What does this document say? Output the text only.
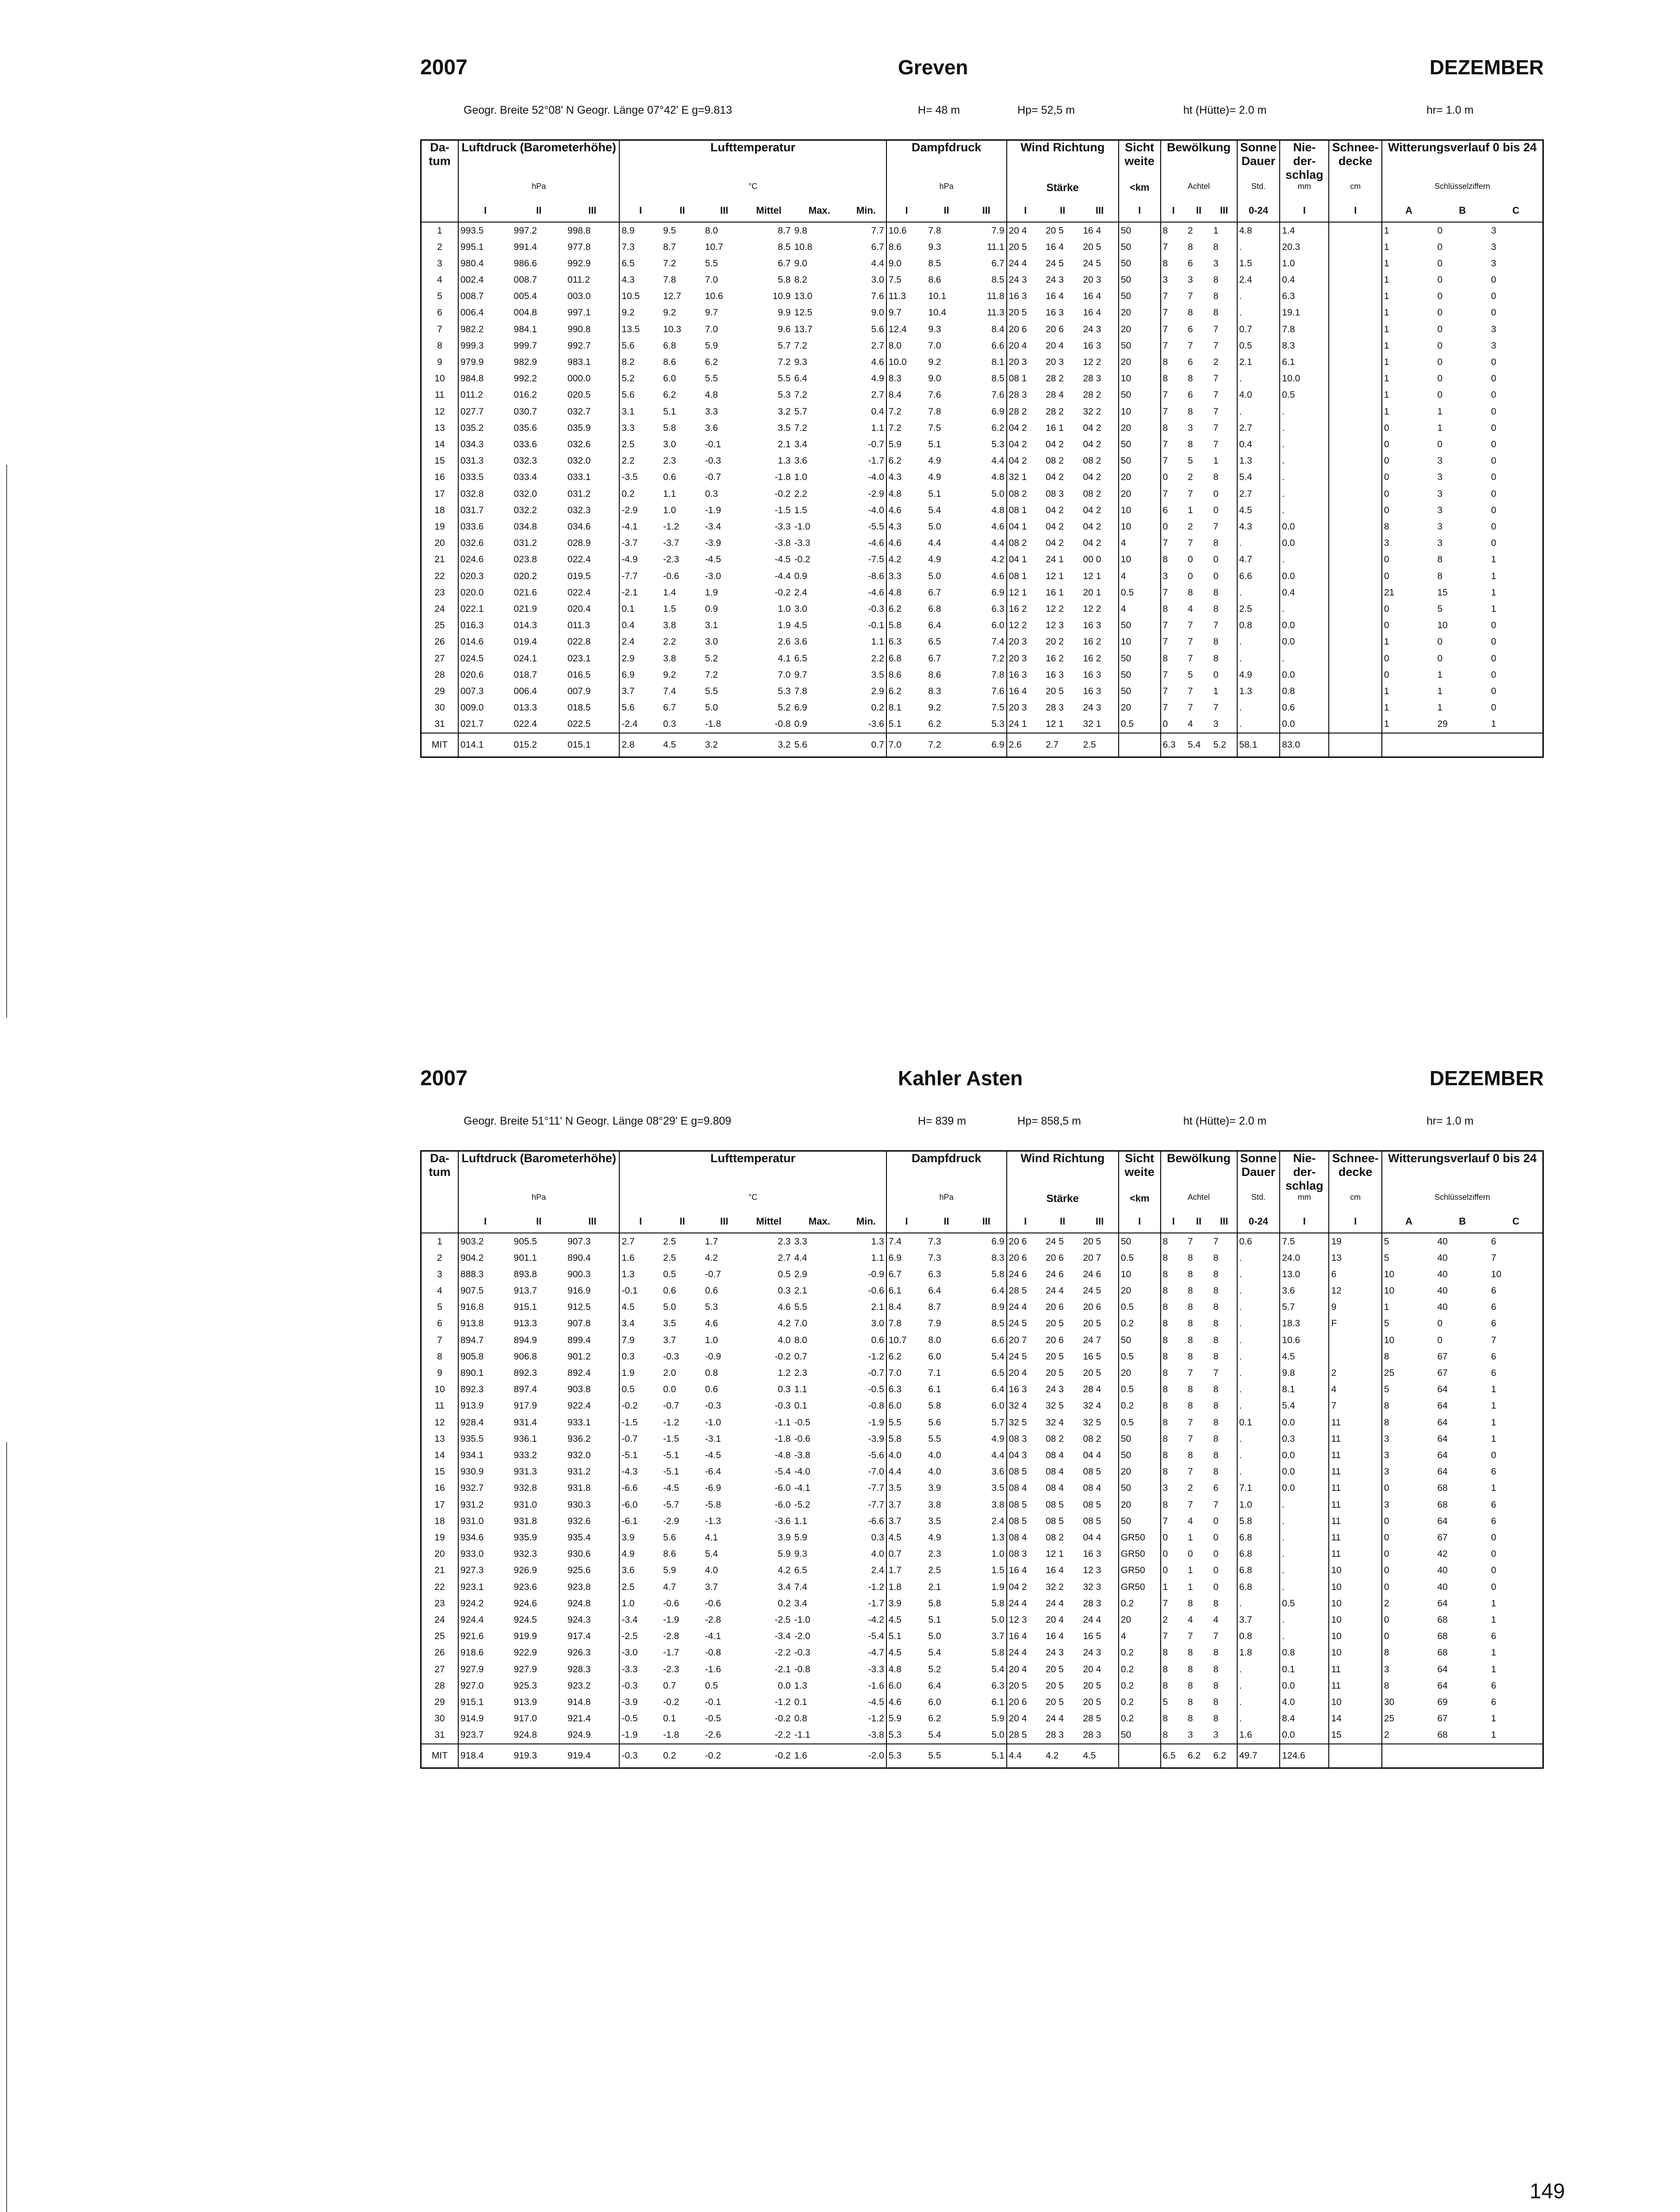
2007	Greven	DEZEMBER
Geogr. Breite 52°08' N Geogr. Länge 07°42' E g=9.813	H= 48 m	Hp= 52,5 m	ht (Hütte)= 2.0 m	hr= 1.0 m
Da- tum	Luftdruck (Barometerhöhe)			Lufttemperatur						Dampfdruck			Wind Richtung			Sicht weite	Bewölkung			Sonne Dauer	Nie- der- schlag	Schnee- decke	Witterungsverlauf 0 bis 24		
	hPa			°C						hPa			Stärke			<km	Achtel			Std.	mm	cm	Schlüsselziffern		
	I	II	III	I	II	III	Mittel	Max.	Min.	I	II	III	I	II	III	I	I	II	III	0-24	I	I	A	B	C
1	993.5	997.2	998.8	8.9	9.5	8.0	8.7	9.8	7.7	10.6	7.8	7.9	20 4	20 5	16 4	50	8	2	1	4.8	1.4		1	0	3
2	995.1	991.4	977.8	7.3	8.7	10.7	8.5	10.8	6.7	8.6	9.3	11.1	20 5	16 4	20 5	50	7	8	8	.	20.3		1	0	3
3	980.4	986.6	992.9	6.5	7.2	5.5	6.7	9.0	4.4	9.0	8.5	6.7	24 4	24 5	24 5	50	8	6	3	1.5	1.0		1	0	3
4	002.4	008.7	011.2	4.3	7.8	7.0	5.8	8.2	3.0	7.5	8.6	8.5	24 3	24 3	20 3	50	3	3	8	2.4	0.4		1	0	0
5	008.7	005.4	003.0	10.5	12.7	10.6	10.9	13.0	7.6	11.3	10.1	11.8	16 3	16 4	16 4	50	7	7	8	.	6.3		1	0	0
6	006.4	004.8	997.1	9.2	9.2	9.7	9.9	12.5	9.0	9.7	10.4	11.3	20 5	16 3	16 4	20	7	8	8	.	19.1		1	0	0
7	982.2	984.1	990.8	13.5	10.3	7.0	9.6	13.7	5.6	12.4	9.3	8.4	20 6	20 6	24 3	20	7	6	7	0.7	7.8		1	0	3
8	999.3	999.7	992.7	5.6	6.8	5.9	5.7	7.2	2.7	8.0	7.0	6.6	20 4	20 4	16 3	50	7	7	7	0.5	8.3		1	0	3
9	979.9	982.9	983.1	8.2	8.6	6.2	7.2	9.3	4.6	10.0	9.2	8.1	20 3	20 3	12 2	20	8	6	2	2.1	6.1		1	0	0
10	984.8	992.2	000.0	5.2	6.0	5.5	5.5	6.4	4.9	8.3	9.0	8.5	08 1	28 2	28 3	10	8	8	7	.	10.0		1	0	0
11	011.2	016.2	020.5	5.6	6.2	4.8	5.3	7.2	2.7	8.4	7.6	7.6	28 3	28 4	28 2	50	7	6	7	4.0	0.5		1	0	0
12	027.7	030.7	032.7	3.1	5.1	3.3	3.2	5.7	0.4	7.2	7.8	6.9	28 2	28 2	32 2	10	7	8	7	.	.		1	1	0
13	035.2	035.6	035.9	3.3	5.8	3.6	3.5	7.2	1.1	7.2	7.5	6.2	04 2	16 1	04 2	20	8	3	7	2.7	.		0	1	0
14	034.3	033.6	032.6	2.5	3.0	-0.1	2.1	3.4	-0.7	5.9	5.1	5.3	04 2	04 2	04 2	50	7	8	7	0.4	.		0	0	0
15	031.3	032.3	032.0	2.2	2.3	-0.3	1.3	3.6	-1.7	6.2	4.9	4.4	04 2	08 2	08 2	50	7	5	1	1.3	.		0	3	0
16	033.5	033.4	033.1	-3.5	0.6	-0.7	-1.8	1.0	-4.0	4.3	4.9	4.8	32 1	04 2	04 2	20	0	2	8	5.4	.		0	3	0
17	032.8	032.0	031.2	0.2	1.1	0.3	-0.2	2.2	-2.9	4.8	5.1	5.0	08 2	08 3	08 2	20	7	7	0	2.7	.		0	3	0
18	031.7	032.2	032.3	-2.9	1.0	-1.9	-1.5	1.5	-4.0	4.6	5.4	4.8	08 1	04 2	04 2	10	6	1	0	4.5	.		0	3	0
19	033.6	034.8	034.6	-4.1	-1.2	-3.4	-3.3	-1.0	-5.5	4.3	5.0	4.6	04 1	04 2	04 2	10	0	2	7	4.3	0.0		8	3	0
20	032.6	031.2	028.9	-3.7	-3.7	-3.9	-3.8	-3.3	-4.6	4.6	4.4	4.4	08 2	04 2	04 2	4	7	7	8	.	0.0		3	3	0
21	024.6	023.8	022.4	-4.9	-2.3	-4.5	-4.5	-0.2	-7.5	4.2	4.9	4.2	04 1	24 1	00 0	10	8	0	0	4.7	.		0	8	1
22	020.3	020.2	019.5	-7.7	-0.6	-3.0	-4.4	0.9	-8.6	3.3	5.0	4.6	08 1	12 1	12 1	4	3	0	0	6.6	0.0		0	8	1
23	020.0	021.6	022.4	-2.1	1.4	1.9	-0.2	2.4	-4.6	4.8	6.7	6.9	12 1	16 1	20 1	0.5	7	8	8	.	0.4		21	15	1
24	022.1	021.9	020.4	0.1	1.5	0.9	1.0	3.0	-0.3	6.2	6.8	6.3	16 2	12 2	12 2	4	8	4	8	2.5	.		0	5	1
25	016.3	014.3	011.3	0.4	3.8	3.1	1.9	4.5	-0.1	5.8	6.4	6.0	12 2	12 3	16 3	50	7	7	7	0.8	0.0		0	10	0
26	014.6	019.4	022.8	2.4	2.2	3.0	2.6	3.6	1.1	6.3	6.5	7.4	20 3	20 2	16 2	10	7	7	8	.	0.0		1	0	0
27	024.5	024.1	023.1	2.9	3.8	5.2	4.1	6.5	2.2	6.8	6.7	7.2	20 3	16 2	16 2	50	8	7	8	.	.		0	0	0
28	020.6	018.7	016.5	6.9	9.2	7.2	7.0	9.7	3.5	8.6	8.6	7.8	16 3	16 3	16 3	50	7	5	0	4.9	0.0		0	1	0
29	007.3	006.4	007.9	3.7	7.4	5.5	5.3	7.8	2.9	6.2	8.3	7.6	16 4	20 5	16 3	50	7	7	1	1.3	0.8		1	1	0
30	009.0	013.3	018.5	5.6	6.7	5.0	5.2	6.9	0.2	8.1	9.2	7.5	20 3	28 3	24 3	20	7	7	7	.	0.6		1	1	0
31	021.7	022.4	022.5	-2.4	0.3	-1.8	-0.8	0.9	-3.6	5.1	6.2	5.3	24 1	12 1	32 1	0.5	0	4	3	.	0.0		1	29	1
MIT	014.1	015.2	015.1	2.8	4.5	3.2	3.2	5.6	0.7	7.0	7.2	6.9	2.6	2.7	2.5		6.3	5.4	5.2	58.1	83.0				
2007	Kahler Asten	DEZEMBER
Geogr. Breite 51°11' N Geogr. Länge 08°29' E g=9.809	H= 839 m	Hp= 858,5 m	ht (Hütte)= 2.0 m	hr= 1.0 m
Da- tum	Luftdruck (Barometerhöhe)			Lufttemperatur						Dampfdruck			Wind Richtung			Sicht weite	Bewölkung			Sonne Dauer	Nie- der- schlag	Schnee- decke	Witterungsverlauf 0 bis 24		
	hPa			°C						hPa			Stärke			<km	Achtel			Std.	mm	cm	Schlüsselziffern		
	I	II	III	I	II	III	Mittel	Max.	Min.	I	II	III	I	II	III	I	I	II	III	0-24	I	I	A	B	C
1	903.2	905.5	907.3	2.7	2.5	1.7	2.3	3.3	1.3	7.4	7.3	6.9	20 6	24 5	20 5	50	8	7	7	0.6	7.5	19	5	40	6
2	904.2	901.1	890.4	1.6	2.5	4.2	2.7	4.4	1.1	6.9	7.3	8.3	20 6	20 6	20 7	0.5	8	8	8	.	24.0	13	5	40	7
3	888.3	893.8	900.3	1.3	0.5	-0.7	0.5	2.9	-0.9	6.7	6.3	5.8	24 6	24 6	24 6	10	8	8	8	.	13.0	6	10	40	10
4	907.5	913.7	916.9	-0.1	0.6	0.6	0.3	2.1	-0.6	6.1	6.4	6.4	28 5	24 4	24 5	20	8	8	8	.	3.6	12	10	40	6
5	916.8	915.1	912.5	4.5	5.0	5.3	4.6	5.5	2.1	8.4	8.7	8.9	24 4	20 6	20 6	0.5	8	8	8	.	5.7	9	1	40	6
6	913.8	913.3	907.8	3.4	3.5	4.6	4.2	7.0	3.0	7.8	7.9	8.5	24 5	20 5	20 5	0.2	8	8	8	.	18.3	F	5	0	6
7	894.7	894.9	899.4	7.9	3.7	1.0	4.0	8.0	0.6	10.7	8.0	6.6	20 7	20 6	24 7	50	8	8	8	.	10.6		10	0	7
8	905.8	906.8	901.2	0.3	-0.3	-0.9	-0.2	0.7	-1.2	6.2	6.0	5.4	24 5	20 5	16 5	0.5	8	8	8	.	4.5		8	67	6
9	890.1	892.3	892.4	1.9	2.0	0.8	1.2	2.3	-0.7	7.0	7.1	6.5	20 4	20 5	20 5	20	8	7	7	.	9.8	2	25	67	6
10	892.3	897.4	903.8	0.5	0.0	0.6	0.3	1.1	-0.5	6.3	6.1	6.4	16 3	24 3	28 4	0.5	8	8	8	.	8.1	4	5	64	1
11	913.9	917.9	922.4	-0.2	-0.7	-0.3	-0.3	0.1	-0.8	6.0	5.8	6.0	32 4	32 5	32 4	0.2	8	8	8	.	5.4	7	8	64	1
12	928.4	931.4	933.1	-1.5	-1.2	-1.0	-1.1	-0.5	-1.9	5.5	5.6	5.7	32 5	32 4	32 5	0.5	8	7	8	0.1	0.0	11	8	64	1
13	935.5	936.1	936.2	-0.7	-1.5	-3.1	-1.8	-0.6	-3.9	5.8	5.5	4.9	08 3	08 2	08 2	50	8	7	8	.	0.3	11	3	64	1
14	934.1	933.2	932.0	-5.1	-5.1	-4.5	-4.8	-3.8	-5.6	4.0	4.0	4.4	04 3	08 4	04 4	50	8	8	8	.	0.0	11	3	64	0
15	930.9	931.3	931.2	-4.3	-5.1	-6.4	-5.4	-4.0	-7.0	4.4	4.0	3.6	08 5	08 4	08 5	20	8	7	8	.	0.0	11	3	64	6
16	932.7	932.8	931.8	-6.6	-4.5	-6.9	-6.0	-4.1	-7.7	3.5	3.9	3.5	08 4	08 4	08 4	50	3	2	6	7.1	0.0	11	0	68	1
17	931.2	931.0	930.3	-6.0	-5.7	-5.8	-6.0	-5.2	-7.7	3.7	3.8	3.8	08 5	08 5	08 5	20	8	7	7	1.0	.	11	3	68	6
18	931.0	931.8	932.6	-6.1	-2.9	-1.3	-3.6	1.1	-6.6	3.7	3.5	2.4	08 5	08 5	08 5	50	7	4	0	5.8	.	11	0	64	6
19	934.6	935.9	935.4	3.9	5.6	4.1	3.9	5.9	0.3	4.5	4.9	1.3	08 4	08 2	04 4	GR50	0	1	0	6.8	.	11	0	67	0
20	933.0	932.3	930.6	4.9	8.6	5.4	5.9	9.3	4.0	0.7	2.3	1.0	08 3	12 1	16 3	GR50	0	0	0	6.8	.	11	0	42	0
21	927.3	926.9	925.6	3.6	5.9	4.0	4.2	6.5	2.4	1.7	2.5	1.5	16 4	16 4	12 3	GR50	0	1	0	6.8	.	10	0	40	0
22	923.1	923.6	923.8	2.5	4.7	3.7	3.4	7.4	-1.2	1.8	2.1	1.9	04 2	32 2	32 3	GR50	1	1	0	6.8	.	10	0	40	0
23	924.2	924.6	924.8	1.0	-0.6	-0.6	0.2	3.4	-1.7	3.9	5.8	5.8	24 4	24 4	28 3	0.2	7	8	8	.	0.5	10	2	64	1
24	924.4	924.5	924.3	-3.4	-1.9	-2.8	-2.5	-1.0	-4.2	4.5	5.1	5.0	12 3	20 4	24 4	20	2	4	4	3.7	.	10	0	68	1
25	921.6	919.9	917.4	-2.5	-2.8	-4.1	-3.4	-2.0	-5.4	5.1	5.0	3.7	16 4	16 4	16 5	4	7	7	7	0.8	.	10	0	68	6
26	918.6	922.9	926.3	-3.0	-1.7	-0.8	-2.2	-0.3	-4.7	4.5	5.4	5.8	24 4	24 3	24 3	0.2	8	8	8	1.8	0.8	10	8	68	1
27	927.9	927.9	928.3	-3.3	-2.3	-1.6	-2.1	-0.8	-3.3	4.8	5.2	5.4	20 4	20 5	20 4	0.2	8	8	8	.	0.1	11	3	64	1
28	927.0	925.3	923.2	-0.3	0.7	0.5	0.0	1.3	-1.6	6.0	6.4	6.3	20 5	20 5	20 5	0.2	8	8	8	.	0.0	11	8	64	6
29	915.1	913.9	914.8	-3.9	-0.2	-0.1	-1.2	0.1	-4.5	4.6	6.0	6.1	20 6	20 5	20 5	0.2	5	8	8	.	4.0	10	30	69	6
30	914.9	917.0	921.4	-0.5	0.1	-0.5	-0.2	0.8	-1.2	5.9	6.2	5.9	20 4	24 4	28 5	0.2	8	8	8	.	8.4	14	25	67	1
31	923.7	924.8	924.9	-1.9	-1.8	-2.6	-2.2	-1.1	-3.8	5.3	5.4	5.0	28 5	28 3	28 3	50	8	3	3	1.6	0.0	15	2	68	1
MIT	918.4	919.3	919.4	-0.3	0.2	-0.2	-0.2	1.6	-2.0	5.3	5.5	5.1	4.4	4.2	4.5		6.5	6.2	6.2	49.7	124.6				
149
